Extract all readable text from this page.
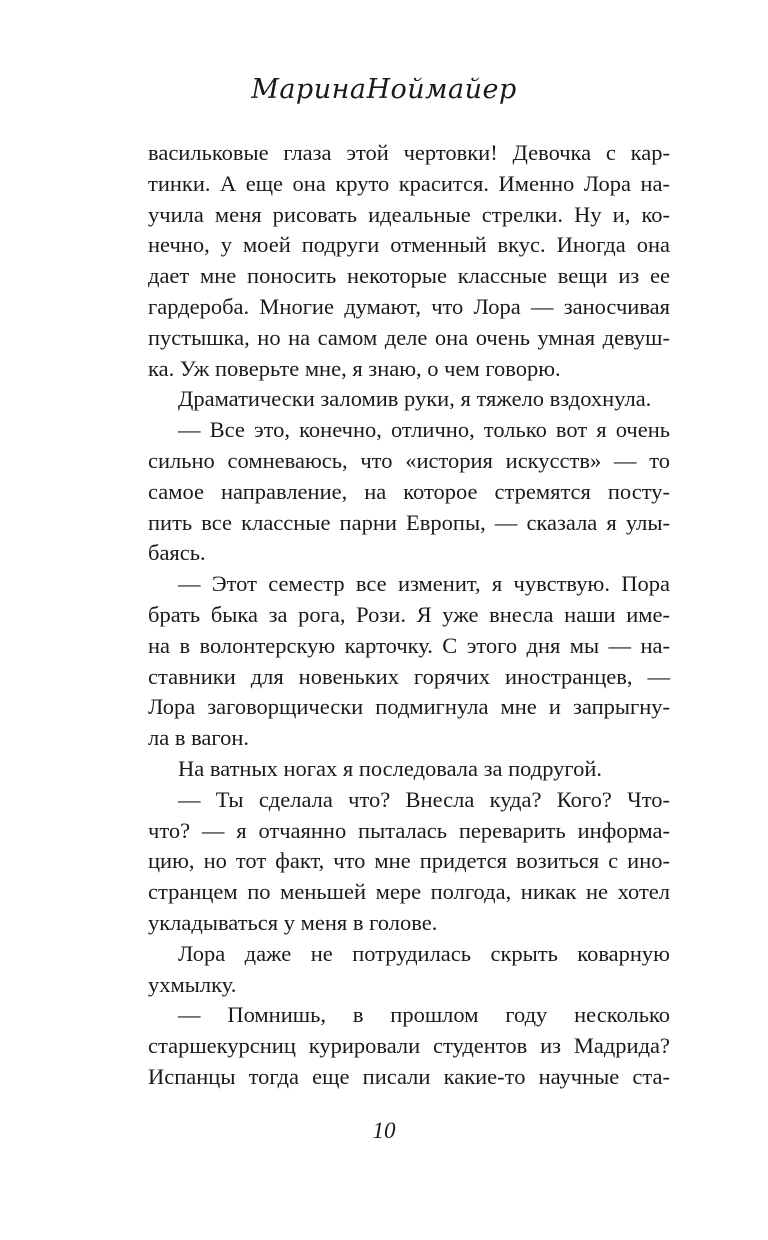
МаринаНоймайер
васильковые глаза этой чертовки! Девочка с кар-
тинки. А еще она круто красится. Именно Лора на-
учила меня рисовать идеальные стрелки. Ну и, ко-
нечно, у моей подруги отменный вкус. Иногда она
дает мне поносить некоторые классные вещи из ее
гардероба. Многие думают, что Лора — заносчивая
пустышка, но на самом деле она очень умная девуш-
ка. Уж поверьте мне, я знаю, о чем говорю.
Драматически заломив руки, я тяжело вздохнула.
— Все это, конечно, отлично, только вот я очень
сильно сомневаюсь, что «история искусств» — то
самое направление, на которое стремятся посту-
пить все классные парни Европы, — сказала я улы-
баясь.
— Этот семестр все изменит, я чувствую. Пора
брать быка за рога, Рози. Я уже внесла наши име-
на в волонтерскую карточку. С этого дня мы — на-
ставники для новеньких горячих иностранцев, —
Лора заговорщически подмигнула мне и запрыгну-
ла в вагон.
На ватных ногах я последовала за подругой.
— Ты сделала что? Внесла куда? Кого? Что-
что? — я отчаянно пыталась переварить информа-
цию, но тот факт, что мне придется возиться с ино-
странцем по меньшей мере полгода, никак не хотел
укладываться у меня в голове.
Лора даже не потрудилась скрыть коварную
ухмылку.
— Помнишь, в прошлом году несколько
старшекурсниц курировали студентов из Мадрида?
Испанцы тогда еще писали какие-то научные ста-
10
